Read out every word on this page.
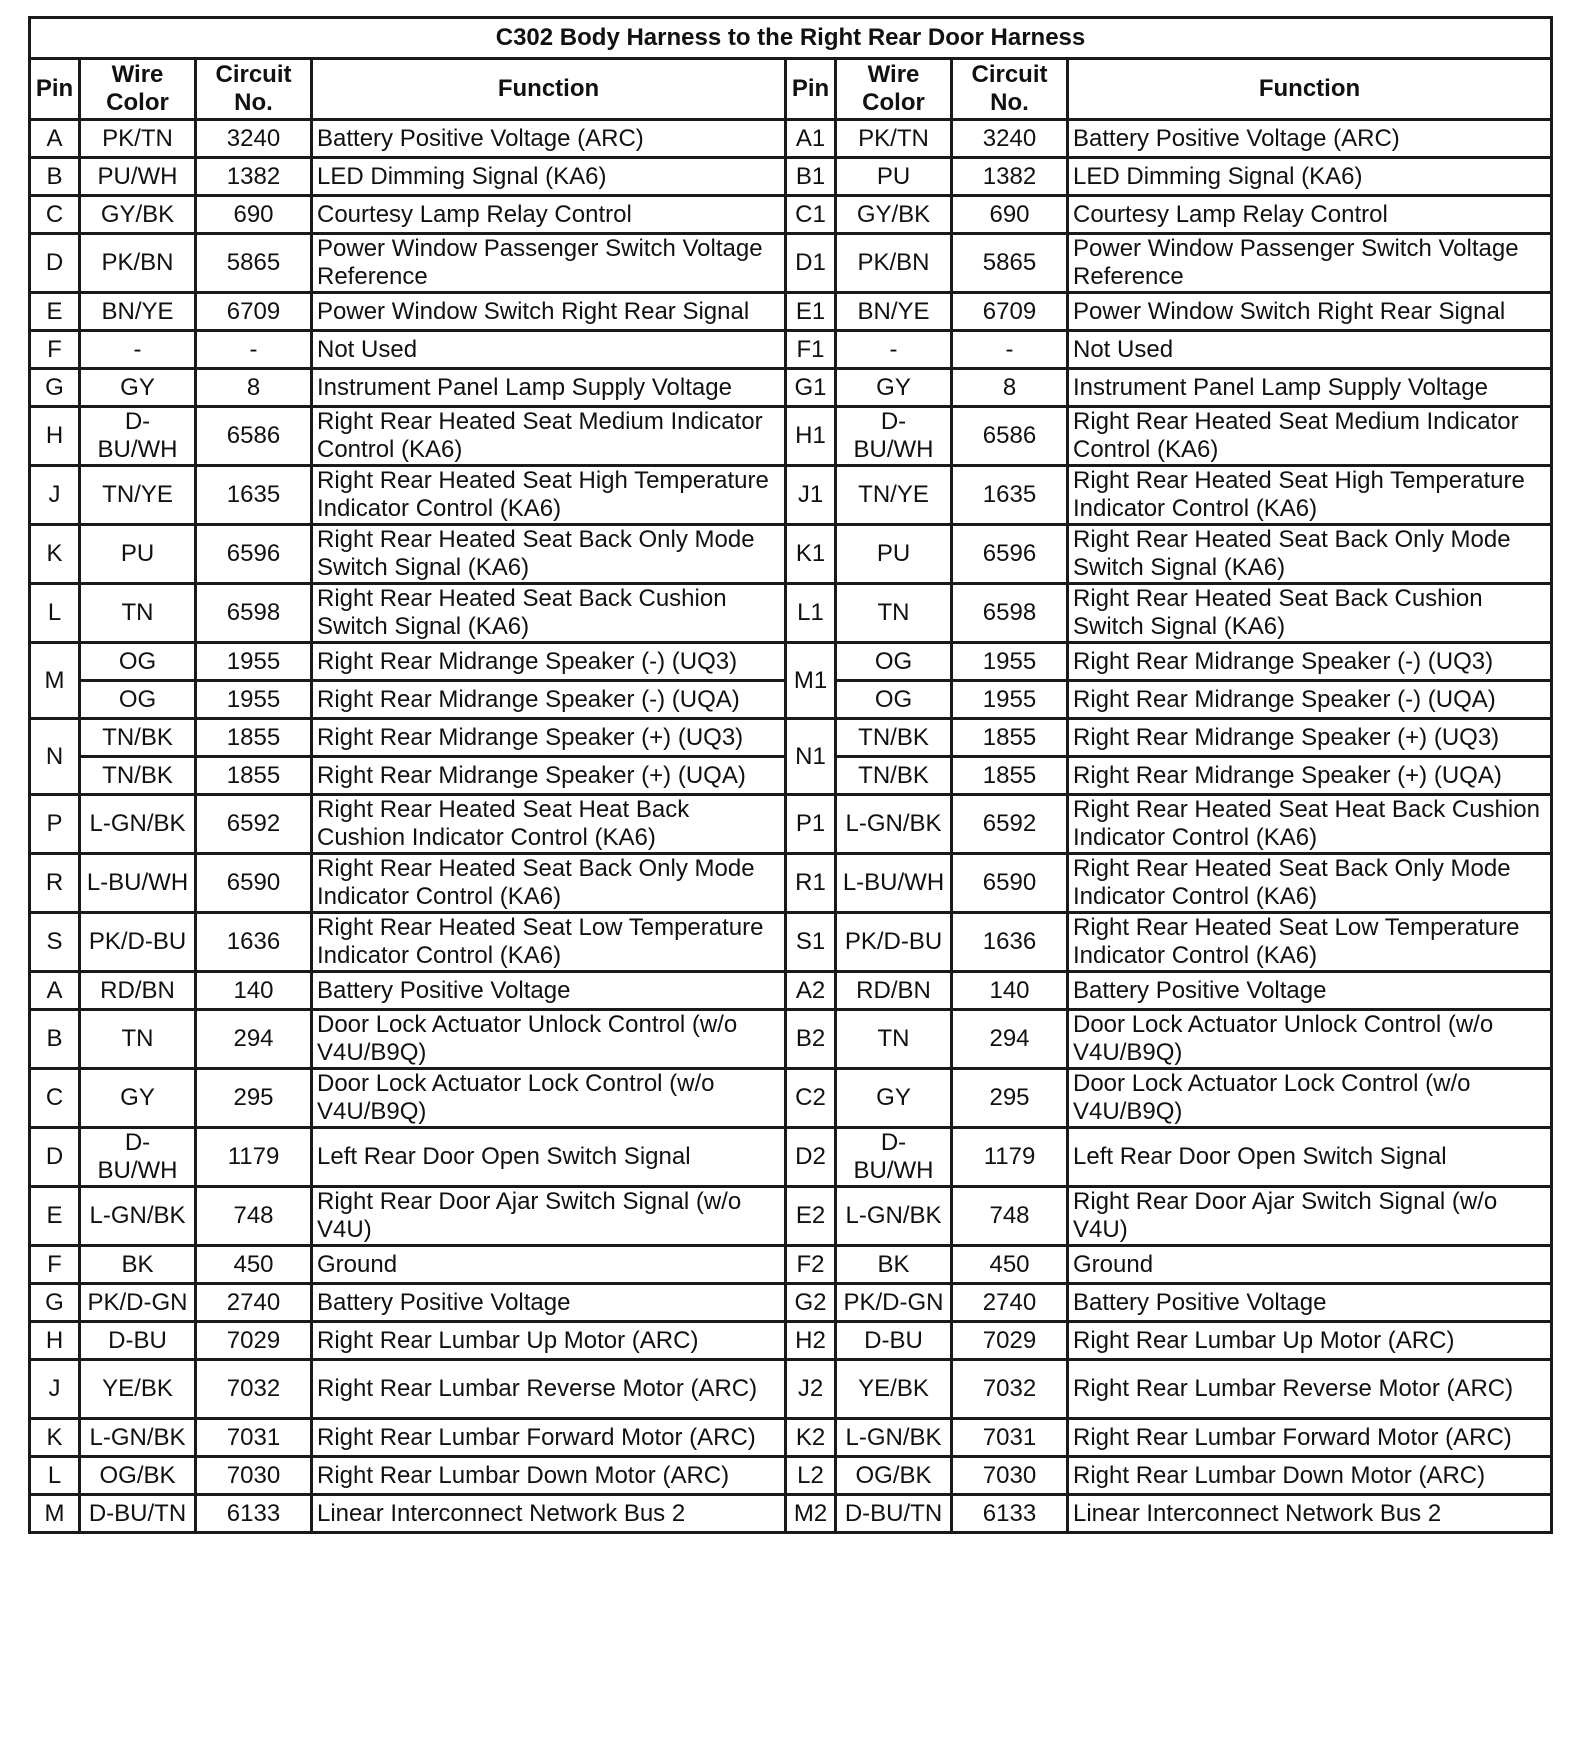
C302 Body Harness to the Right Rear Door Harness							
Pin	Wire Color	Circuit No.	Function	Pin	Wire Color	Circuit No.	Function
A	PK/TN	3240	Battery Positive Voltage (ARC)	A1	PK/TN	3240	Battery Positive Voltage (ARC)
B	PU/WH	1382	LED Dimming Signal (KA6)	B1	PU	1382	LED Dimming Signal (KA6)
C	GY/BK	690	Courtesy Lamp Relay Control	C1	GY/BK	690	Courtesy Lamp Relay Control
D	PK/BN	5865	Power Window Passenger Switch Voltage Reference	D1	PK/BN	5865	Power Window Passenger Switch Voltage Reference
E	BN/YE	6709	Power Window Switch Right Rear Signal	E1	BN/YE	6709	Power Window Switch Right Rear Signal
F	-	-	Not Used	F1	-	-	Not Used
G	GY	8	Instrument Panel Lamp Supply Voltage	G1	GY	8	Instrument Panel Lamp Supply Voltage
H	D-BU/WH	6586	Right Rear Heated Seat Medium Indicator Control (KA6)	H1	D-BU/WH	6586	Right Rear Heated Seat Medium Indicator Control (KA6)
J	TN/YE	1635	Right Rear Heated Seat High Temperature Indicator Control (KA6)	J1	TN/YE	1635	Right Rear Heated Seat High Temperature Indicator Control (KA6)
K	PU	6596	Right Rear Heated Seat Back Only Mode Switch Signal (KA6)	K1	PU	6596	Right Rear Heated Seat Back Only Mode Switch Signal (KA6)
L	TN	6598	Right Rear Heated Seat Back Cushion Switch Signal (KA6)	L1	TN	6598	Right Rear Heated Seat Back Cushion Switch Signal (KA6)
M	OG	1955	Right Rear Midrange Speaker (-) (UQ3)	M1	OG	1955	Right Rear Midrange Speaker (-) (UQ3)
	OG	1955	Right Rear Midrange Speaker (-) (UQA)		OG	1955	Right Rear Midrange Speaker (-) (UQA)
N	TN/BK	1855	Right Rear Midrange Speaker (+) (UQ3)	N1	TN/BK	1855	Right Rear Midrange Speaker (+) (UQ3)
	TN/BK	1855	Right Rear Midrange Speaker (+) (UQA)		TN/BK	1855	Right Rear Midrange Speaker (+) (UQA)
P	L-GN/BK	6592	Right Rear Heated Seat Heat Back Cushion Indicator Control (KA6)	P1	L-GN/BK	6592	Right Rear Heated Seat Heat Back Cushion Indicator Control (KA6)
R	L-BU/WH	6590	Right Rear Heated Seat Back Only Mode Indicator Control (KA6)	R1	L-BU/WH	6590	Right Rear Heated Seat Back Only Mode Indicator Control (KA6)
S	PK/D-BU	1636	Right Rear Heated Seat Low Temperature Indicator Control (KA6)	S1	PK/D-BU	1636	Right Rear Heated Seat Low Temperature Indicator Control (KA6)
A	RD/BN	140	Battery Positive Voltage	A2	RD/BN	140	Battery Positive Voltage
B	TN	294	Door Lock Actuator Unlock Control (w/o V4U/B9Q)	B2	TN	294	Door Lock Actuator Unlock Control (w/o V4U/B9Q)
C	GY	295	Door Lock Actuator Lock Control (w/o V4U/B9Q)	C2	GY	295	Door Lock Actuator Lock Control (w/o V4U/B9Q)
D	D-BU/WH	1179	Left Rear Door Open Switch Signal	D2	D-BU/WH	1179	Left Rear Door Open Switch Signal
E	L-GN/BK	748	Right Rear Door Ajar Switch Signal (w/o V4U)	E2	L-GN/BK	748	Right Rear Door Ajar Switch Signal (w/o V4U)
F	BK	450	Ground	F2	BK	450	Ground
G	PK/D-GN	2740	Battery Positive Voltage	G2	PK/D-GN	2740	Battery Positive Voltage
H	D-BU	7029	Right Rear Lumbar Up Motor (ARC)	H2	D-BU	7029	Right Rear Lumbar Up Motor (ARC)
J	YE/BK	7032	Right Rear Lumbar Reverse Motor (ARC)	J2	YE/BK	7032	Right Rear Lumbar Reverse Motor (ARC)
K	L-GN/BK	7031	Right Rear Lumbar Forward Motor (ARC)	K2	L-GN/BK	7031	Right Rear Lumbar Forward Motor (ARC)
L	OG/BK	7030	Right Rear Lumbar Down Motor (ARC)	L2	OG/BK	7030	Right Rear Lumbar Down Motor (ARC)
M	D-BU/TN	6133	Linear Interconnect Network Bus 2	M2	D-BU/TN	6133	Linear Interconnect Network Bus 2
